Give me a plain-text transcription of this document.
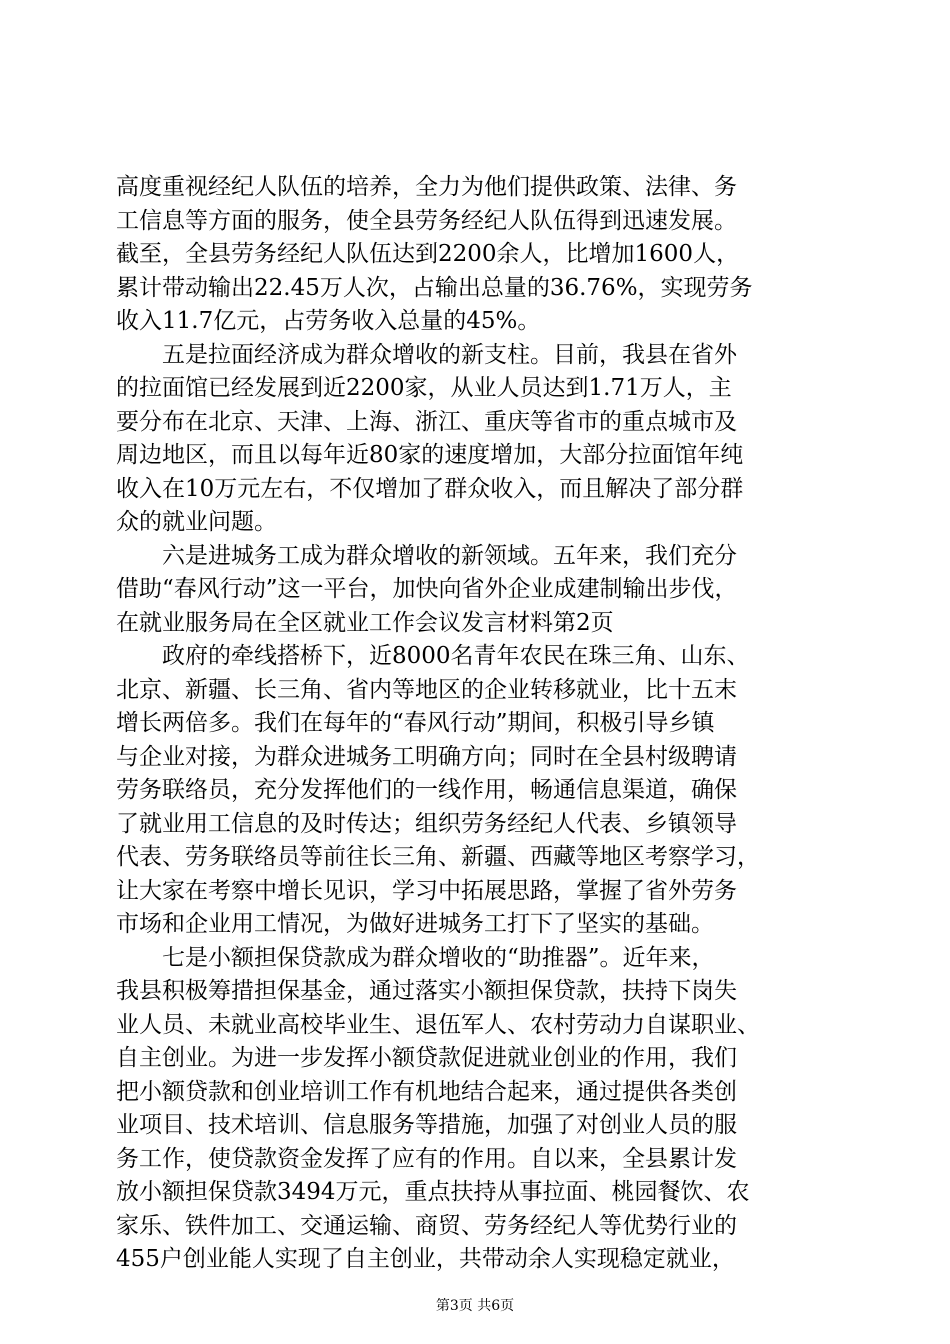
高度重视经纪人队伍的培养，全力为他们提供政策、法律、务
工信息等方面的服务，使全县劳务经纪人队伍得到迅速发展。
截至，全县劳务经纪人队伍达到2200余人，比增加1600人，
累计带动输出22.45万人次，占输出总量的36.76%，实现劳务
收入11.7亿元，占劳务收入总量的45%。
五是拉面经济成为群众增收的新支柱。目前，我县在省外
的拉面馆已经发展到近2200家，从业人员达到1.71万人，主
要分布在北京、天津、上海、浙江、重庆等省市的重点城市及
周边地区，而且以每年近80家的速度增加，大部分拉面馆年纯
收入在10万元左右，不仅增加了群众收入，而且解决了部分群
众的就业问题。
六是进城务工成为群众增收的新领域。五年来，我们充分
借助“春风行动”这一平台，加快向省外企业成建制输出步伐，
在就业服务局在全区就业工作会议发言材料第2页
政府的牵线搭桥下，近8000名青年农民在珠三角、山东、
北京、新疆、长三角、省内等地区的企业转移就业，比十五末
增长两倍多。我们在每年的“春风行动”期间，积极引导乡镇
与企业对接，为群众进城务工明确方向；同时在全县村级聘请
劳务联络员，充分发挥他们的一线作用，畅通信息渠道，确保
了就业用工信息的及时传达；组织劳务经纪人代表、乡镇领导
代表、劳务联络员等前往长三角、新疆、西藏等地区考察学习，
让大家在考察中增长见识，学习中拓展思路，掌握了省外劳务
市场和企业用工情况，为做好进城务工打下了坚实的基础。
七是小额担保贷款成为群众增收的“助推器”。近年来，
我县积极筹措担保基金，通过落实小额担保贷款，扶持下岗失
业人员、未就业高校毕业生、退伍军人、农村劳动力自谋职业、
自主创业。为进一步发挥小额贷款促进就业创业的作用，我们
把小额贷款和创业培训工作有机地结合起来，通过提供各类创
业项目、技术培训、信息服务等措施，加强了对创业人员的服
务工作，使贷款资金发挥了应有的作用。自以来，全县累计发
放小额担保贷款3494万元，重点扶持从事拉面、桃园餐饮、农
家乐、铁件加工、交通运输、商贸、劳务经纪人等优势行业的
455户创业能人实现了自主创业，共带动余人实现稳定就业，
第3页 共6页
